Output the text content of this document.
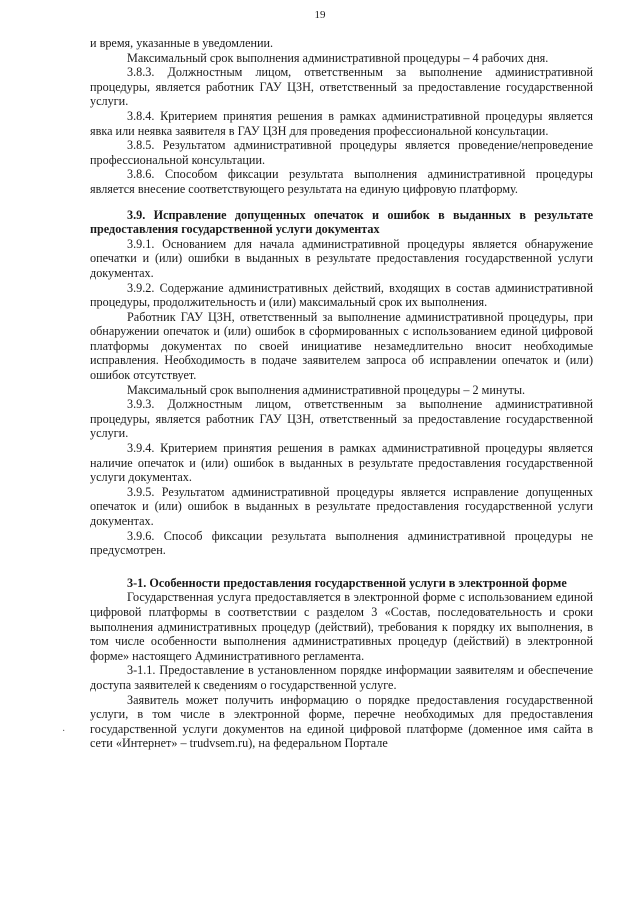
19
·

и время, указанные в уведомлении.

Максимальный срок выполнения административной процедуры – 4 рабочих дня.

3.8.3. Должностным лицом, ответственным за выполнение административной процедуры, является работник ГАУ ЦЗН, ответственный за предоставление государственной услуги.

3.8.4. Критерием принятия решения в рамках административной процедуры является явка или неявка заявителя в ГАУ ЦЗН для проведения профессиональной консультации.

3.8.5. Результатом административной процедуры является проведение/непроведение профессиональной консультации.

3.8.6. Способом фиксации результата выполнения административной процедуры является внесение соответствующего результата на единую цифровую платформу.

3.9. Исправление допущенных опечаток и ошибок в выданных в результате предоставления государственной услуги документах

3.9.1. Основанием для начала административной процедуры является обнаружение опечатки и (или) ошибки в выданных в результате предоставления государственной услуги документах.

3.9.2. Содержание административных действий, входящих в состав административной процедуры, продолжительность и (или) максимальный срок их выполнения.

Работник ГАУ ЦЗН, ответственный за выполнение административной процедуры, при обнаружении опечаток и (или) ошибок в сформированных с использованием единой цифровой платформы документах по своей инициативе незамедлительно вносит необходимые исправления. Необходимость в подаче заявителем запроса об исправлении опечаток и (или) ошибок отсутствует.

Максимальный срок выполнения административной процедуры – 2 минуты.

3.9.3. Должностным лицом, ответственным за выполнение административной процедуры, является работник ГАУ ЦЗН, ответственный за предоставление государственной услуги.

3.9.4. Критерием принятия решения в рамках административной процедуры является наличие опечаток и (или) ошибок в выданных в результате предоставления государственной услуги документах.

3.9.5. Результатом административной процедуры является исправление допущенных опечаток и (или) ошибок в выданных в результате предоставления государственной услуги документах.

3.9.6. Способ фиксации результата выполнения административной процедуры не предусмотрен.

3-1. Особенности предоставления государственной услуги в электронной форме

Государственная услуга предоставляется в электронной форме с использованием единой цифровой платформы в соответствии с разделом 3 «Состав, последовательность и сроки выполнения административных процедур (действий), требования к порядку их выполнения, в том числе особенности выполнения административных процедур (действий) в электронной форме» настоящего Административного регламента.

3-1.1. Предоставление в установленном порядке информации заявителям и обеспечение доступа заявителей к сведениям о государственной услуге.

Заявитель может получить информацию о порядке предоставления государственной услуги, в том числе в электронной форме, перечне необходимых для предоставления государственной услуги документов на единой цифровой платформе (доменное имя сайта в сети «Интернет» – trudvsem.ru), на федеральном Портале
